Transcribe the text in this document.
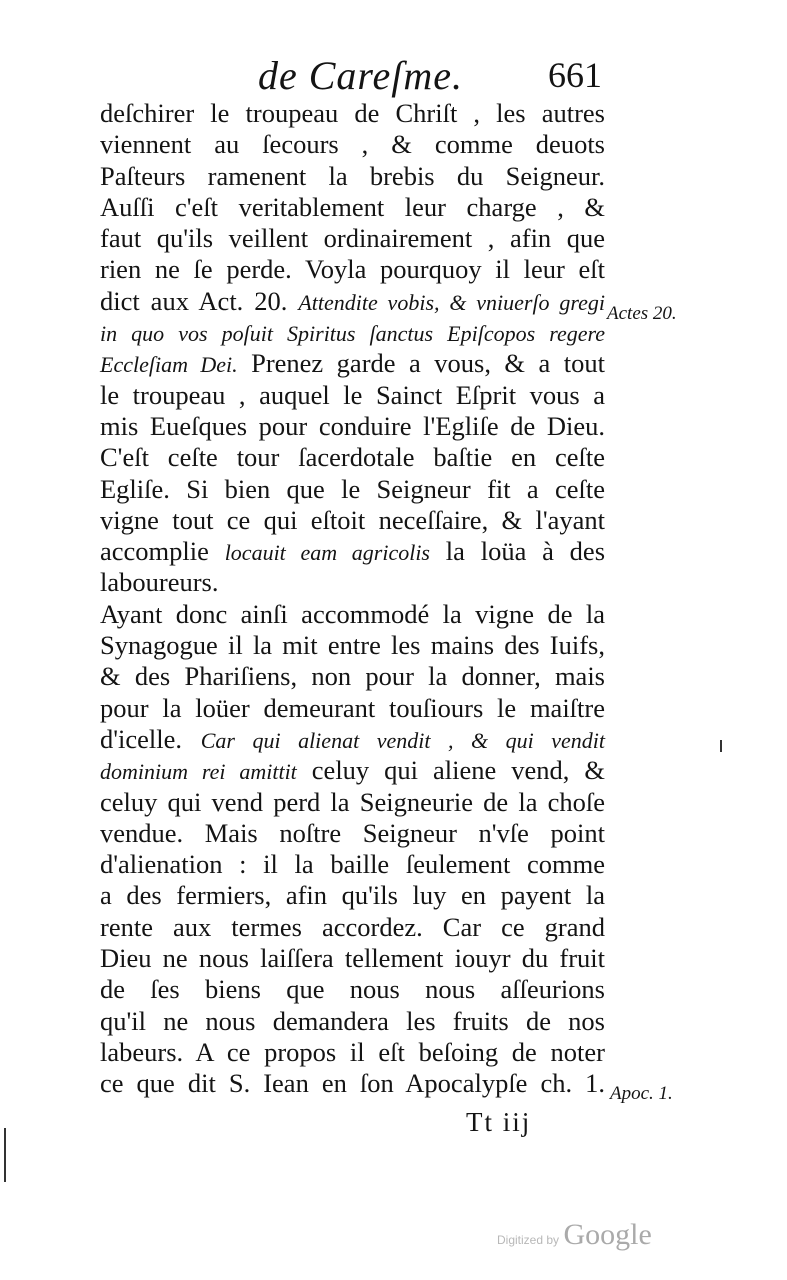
de Careſme. 661
deſchirer le troupeau de Chriſt , les autres
viennent au ſecours , & comme deuots
Paſteurs ramenent la brebis du Seigneur.
Auſſi c'eſt veritablement leur charge , &
faut qu'ils veillent ordinairement , afin que
rien ne ſe perde. Voyla pourquoy il leur eſt
dict aux Act. 20. Attendite vobis, & vniuerſo gregi
in quo vos poſuit Spiritus ſanctus Epiſcopos regere
Eccleſiam Dei. Prenez garde a vous, & a tout
le troupeau , auquel le Sainct Eſprit vous a
mis Eueſques pour conduire l'Egliſe de Dieu.
C'eſt ceſte tour ſacerdotale baſtie en ceſte
Egliſe. Si bien que le Seigneur fit a ceſte
vigne tout ce qui eſtoit neceſſaire, & l'ayant
accomplie locauit eam agricolis la loüa à des
laboureurs.
Ayant donc ainſi accommodé la vigne de la
Synagogue il la mit entre les mains des Iuifs,
& des Phariſiens, non pour la donner, mais
pour la loüer demeurant touſiours le maiſtre
d'icelle. Car qui alienat vendit , & qui vendit
dominium rei amittit celuy qui aliene vend, &
celuy qui vend perd la Seigneurie de la choſe
vendue. Mais noſtre Seigneur n'vſe point
d'alienation : il la baille ſeulement comme
a des fermiers, afin qu'ils luy en payent la
rente aux termes accordez. Car ce grand
Dieu ne nous laiſſera tellement iouyr du fruit
de ſes biens que nous nous aſſeurions
qu'il ne nous demandera les fruits de nos
labeurs. A ce propos il eſt beſoing de noter
ce que dit S. Iean en ſon Apocalypſe ch. 1.
Actes 20.
Apoc. 1.
Tt iij
Digitized by Google
